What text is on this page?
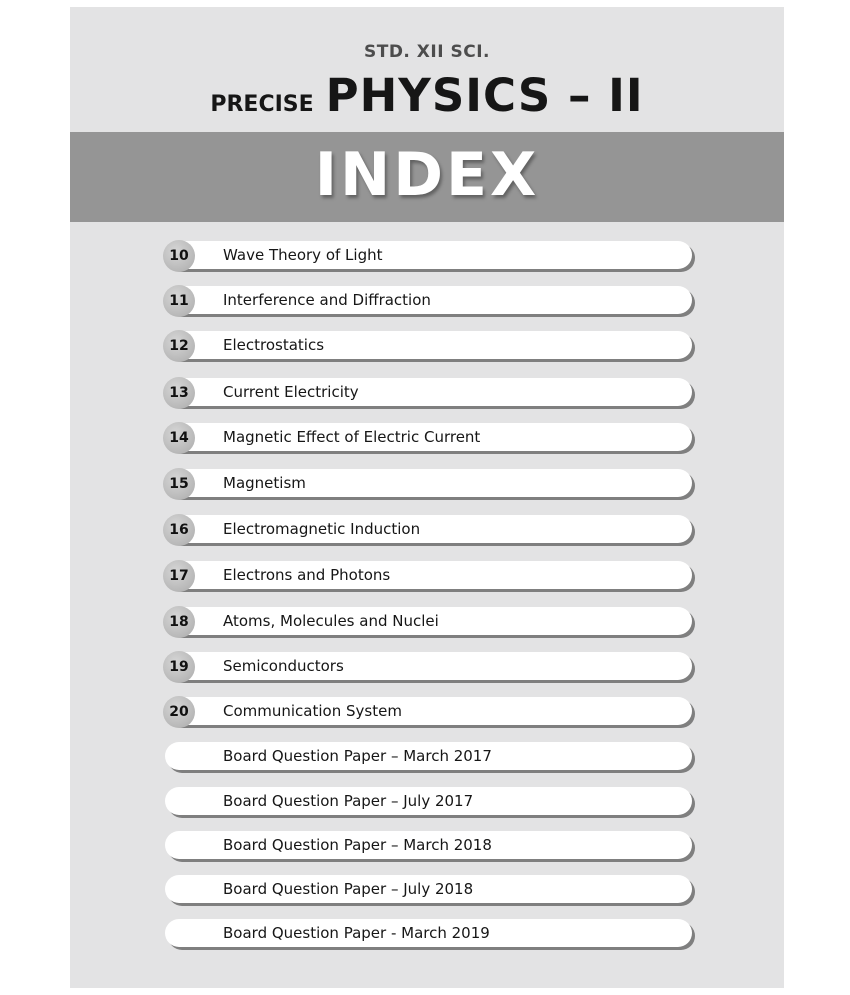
STD. XII SCI.
PRECISE PHYSICS – II
INDEX
10	Wave Theory of Light
11	Interference and Diffraction
12	Electrostatics
13	Current Electricity
14	Magnetic Effect of Electric Current
15	Magnetism
16	Electromagnetic Induction
17	Electrons and Photons
18	Atoms, Molecules and Nuclei
19	Semiconductors
20	Communication System
Board Question Paper – March 2017
Board Question Paper – July 2017
Board Question Paper – March 2018
Board Question Paper – July 2018
Board Question Paper - March 2019
